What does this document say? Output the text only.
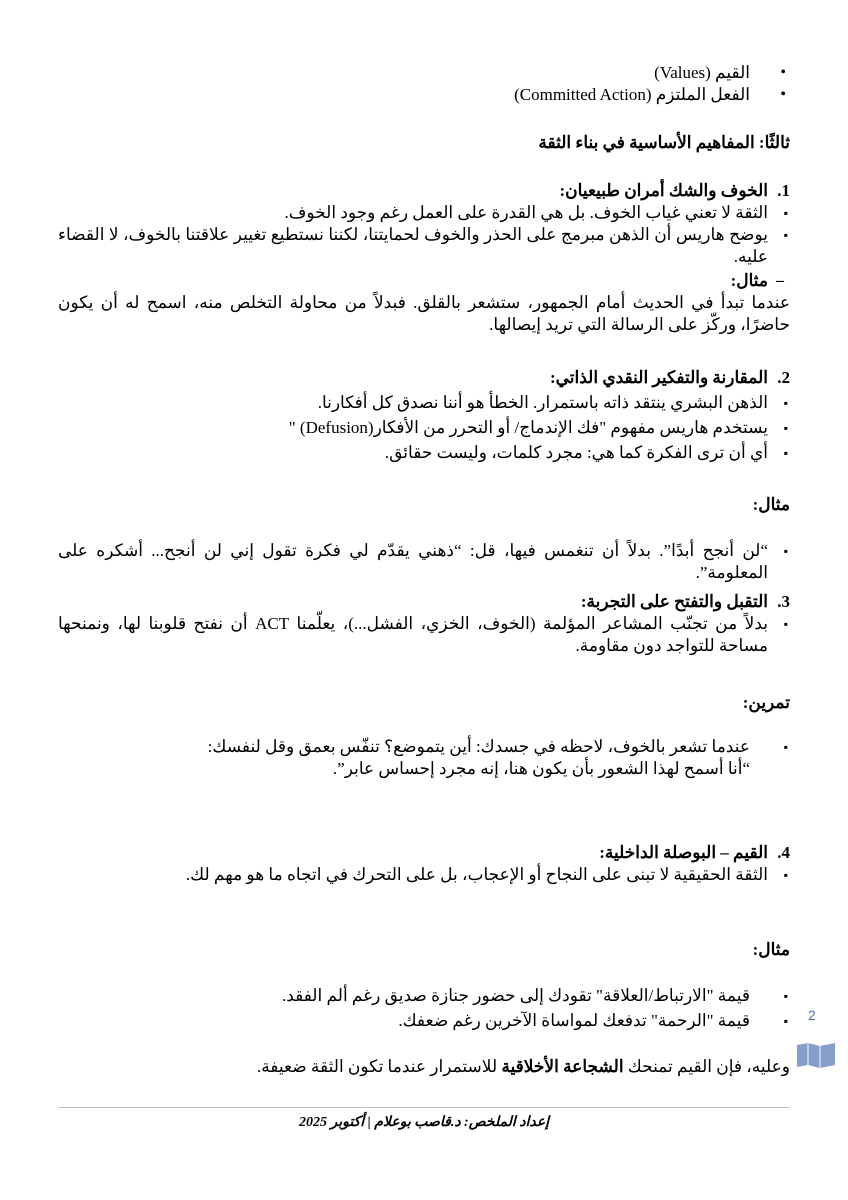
• القيم (Values)
• الفعل الملتزم (Committed Action)
ثالثًا: المفاهيم الأساسية في بناء الثقة
1.
الخوف والشك أمران طبيعيان:
▪ الثقة لا تعني غياب الخوف. بل هي القدرة على العمل رغم وجود الخوف.
▪ يوضح هاريس أن الذهن مبرمج على الحذر والخوف لحمايتنا، لكننا نستطيع تغيير علاقتنا بالخوف، لا القضاء عليه.
– مثال:
عندما تبدأ في الحديث أمام الجمهور، ستشعر بالقلق. فبدلاً من محاولة التخلص منه، اسمح له أن يكون حاضرًا، وركّز على الرسالة التي تريد إيصالها.
2.
المقارنة والتفكير النقدي الذاتي:
▪ الذهن البشري ينتقد ذاته باستمرار. الخطأ هو أننا نصدق كل أفكارنا.
▪ يستخدم هاريس مفهوم "فك الإندماج/ أو التحرر من الأفكار(Defusion) "
▪ أي أن ترى الفكرة كما هي: مجرد كلمات، وليست حقائق.
مثال:
▪ “لن أنجح أبدًا”. بدلاً أن تنغمس فيها، قل: “ذهني يقدّم لي فكرة تقول إني لن أنجح... أشكره على المعلومة”.
3.
التقبل والتفتح على التجربة:
▪ بدلاً من تجنّب المشاعر المؤلمة (الخوف، الخزي، الفشل...)، يعلّمنا ACT أن نفتح قلوبنا لها، ونمنحها مساحة للتواجد دون مقاومة.
تمرين:
▪ عندما تشعر بالخوف، لاحظه في جسدك: أين يتموضع؟ تنفّس بعمق وقل لنفسك:
“أنا أسمح لهذا الشعور بأن يكون هنا، إنه مجرد إحساس عابر”.
4.
القيم – البوصلة الداخلية:
▪ الثقة الحقيقية لا تبنى على النجاح أو الإعجاب، بل على التحرك في اتجاه ما هو مهم لك.
مثال:
▪ قيمة "الارتباط/العلاقة" تقودك إلى حضور جنازة صديق رغم ألم الفقد.
▪ قيمة "الرحمة" تدفعك لمواساة الآخرين رغم ضعفك.
وعليه، فإن القيم تمنحك الشجاعة الأخلاقية للاستمرار عندما تكون الثقة ضعيفة.
2
إعداد الملخص: د.قاصب بوعلام | أكتوبر 2025
